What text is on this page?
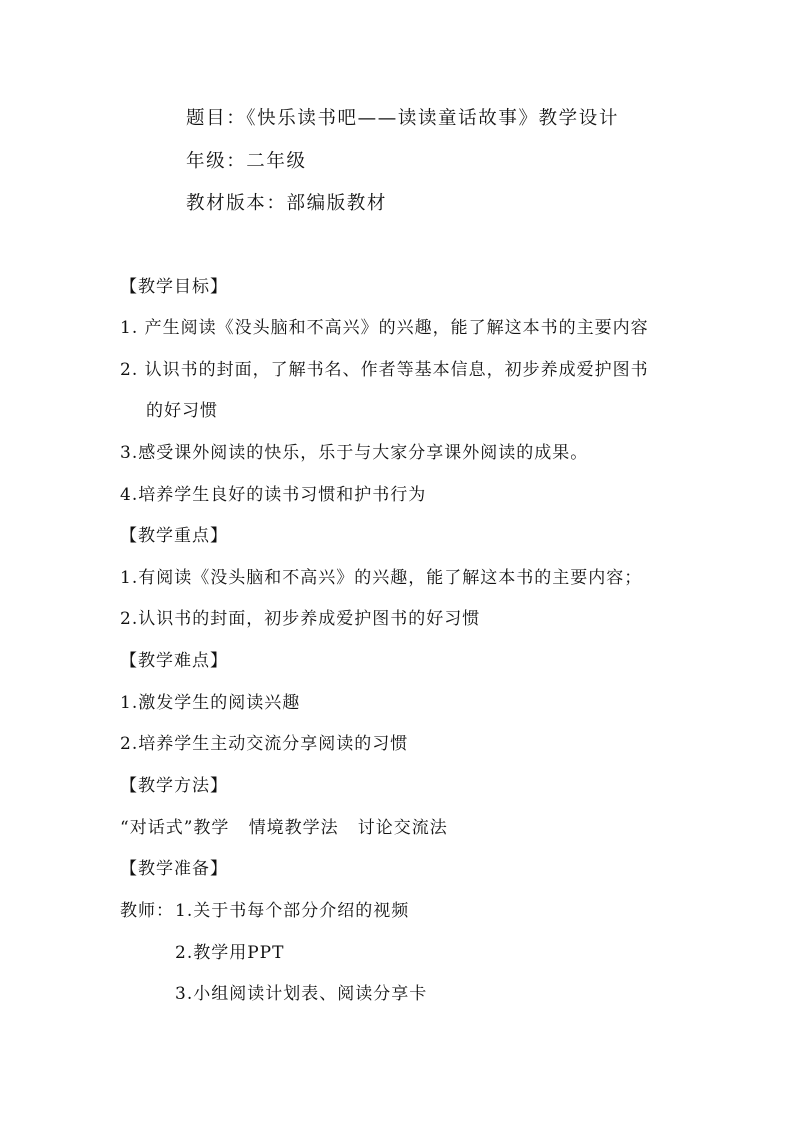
题目：《快乐读书吧——读读童话故事》教学设计
年级：二年级
教材版本：部编版教材
【教学目标】
1. 产生阅读《没头脑和不高兴》的兴趣，能了解这本书的主要内容
2. 认识书的封面，了解书名、作者等基本信息，初步养成爱护图书
的好习惯
3.感受课外阅读的快乐，乐于与大家分享课外阅读的成果。
4.培养学生良好的读书习惯和护书行为
【教学重点】
1.有阅读《没头脑和不高兴》的兴趣，能了解这本书的主要内容；
2.认识书的封面，初步养成爱护图书的好习惯
【教学难点】
1.激发学生的阅读兴趣
2.培养学生主动交流分享阅读的习惯
【教学方法】
“对话式”教学   情境教学法   讨论交流法
【教学准备】
教师： 1.关于书每个部分介绍的视频
2.教学用PPT
3.小组阅读计划表、阅读分享卡
